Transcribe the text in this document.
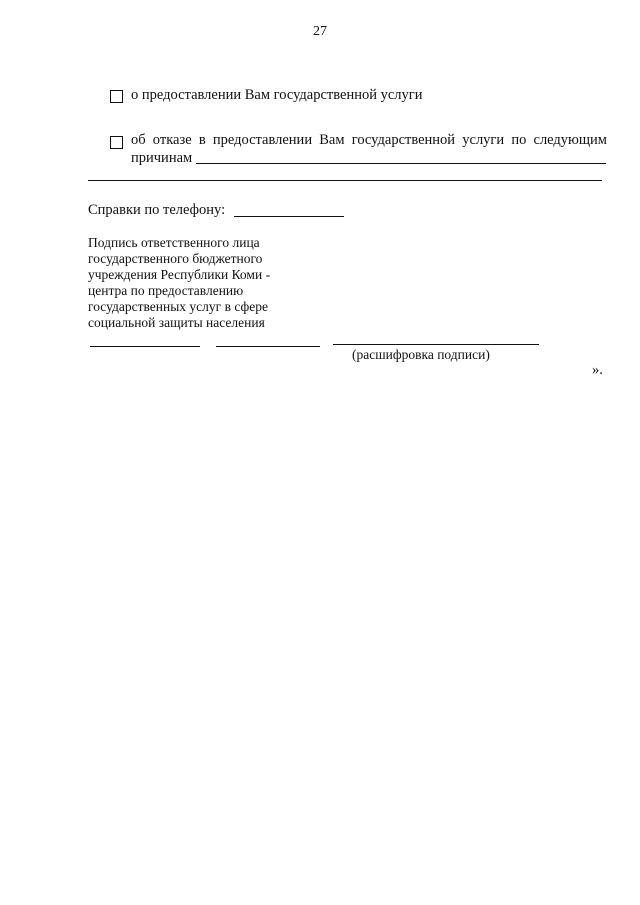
27
о предоставлении Вам государственной услуги
об отказе в предоставлении Вам государственной услуги по следующим
причинам
Справки по телефону:
Подпись ответственного лица
государственного бюджетного
учреждения Республики Коми -
центра по предоставлению
государственных услуг в сфере
социальной защиты населения
(расшифровка подписи)
».
